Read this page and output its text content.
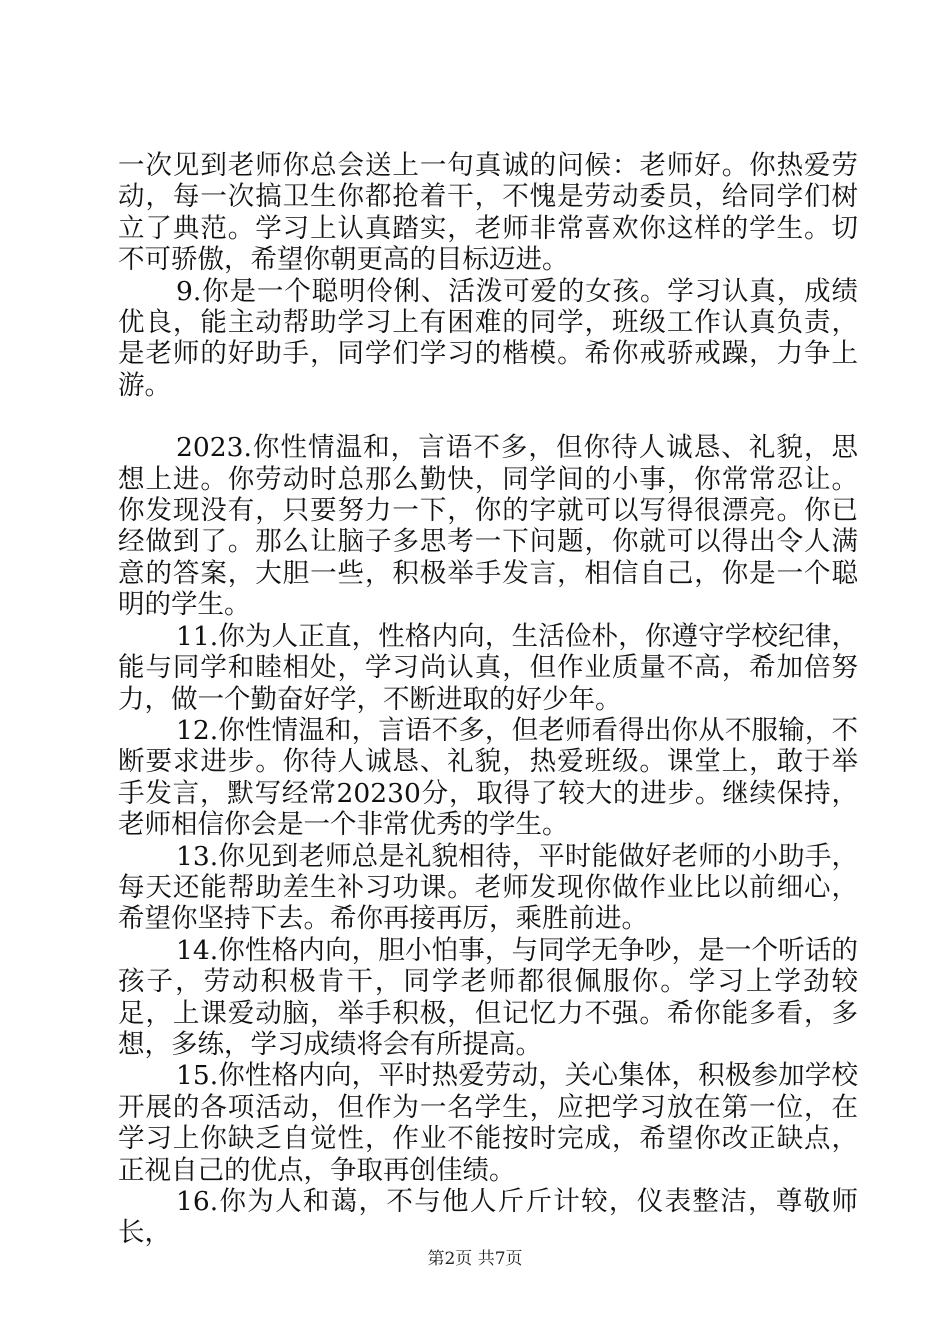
一次见到老师你总会送上一句真诚的问候：老师好。你热爱劳动，每一次搞卫生你都抢着干，不愧是劳动委员，给同学们树立了典范。学习上认真踏实，老师非常喜欢你这样的学生。切不可骄傲，希望你朝更高的目标迈进。

9.你是一个聪明伶俐、活泼可爱的女孩。学习认真，成绩优良，能主动帮助学习上有困难的同学，班级工作认真负责，是老师的好助手，同学们学习的楷模。希你戒骄戒躁，力争上游。

2023.你性情温和，言语不多，但你待人诚恳、礼貌，思想上进。你劳动时总那么勤快，同学间的小事，你常常忍让。你发现没有，只要努力一下，你的字就可以写得很漂亮。你已经做到了。那么让脑子多思考一下问题，你就可以得出令人满意的答案，大胆一些，积极举手发言，相信自己，你是一个聪明的学生。

11.你为人正直，性格内向，生活俭朴，你遵守学校纪律，能与同学和睦相处，学习尚认真，但作业质量不高，希加倍努力，做一个勤奋好学，不断进取的好少年。

12.你性情温和，言语不多，但老师看得出你从不服输，不断要求进步。你待人诚恳、礼貌，热爱班级。课堂上，敢于举手发言，默写经常20230分，取得了较大的进步。继续保持，老师相信你会是一个非常优秀的学生。

13.你见到老师总是礼貌相待，平时能做好老师的小助手，每天还能帮助差生补习功课。老师发现你做作业比以前细心，希望你坚持下去。希你再接再厉，乘胜前进。

14.你性格内向，胆小怕事，与同学无争吵，是一个听话的孩子，劳动积极肯干，同学老师都很佩服你。学习上学劲较足，上课爱动脑，举手积极，但记忆力不强。希你能多看，多想，多练，学习成绩将会有所提高。

15.你性格内向，平时热爱劳动，关心集体，积极参加学校开展的各项活动，但作为一名学生，应把学习放在第一位，在学习上你缺乏自觉性，作业不能按时完成，希望你改正缺点，正视自己的优点，争取再创佳绩。

16.你为人和蔼，不与他人斤斤计较，仪表整洁，尊敬师长，

第2页 共7页
